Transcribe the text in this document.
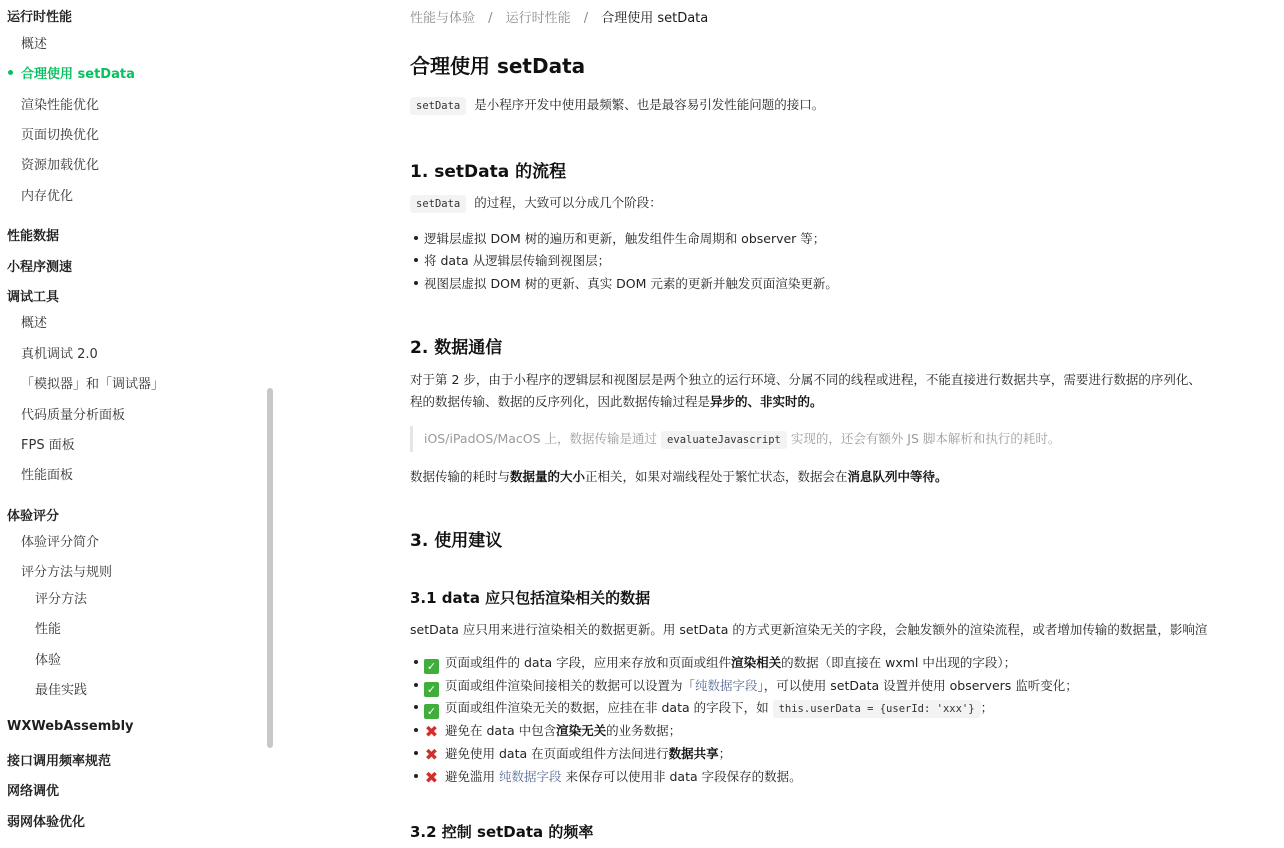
运行时性能
概述
合理使用 setData
渲染性能优化
页面切换优化
资源加载优化
内存优化
性能数据
小程序测速
调试工具
概述
真机调试 2.0
「模拟器」和「调试器」
代码质量分析面板
FPS 面板
性能面板
体验评分
体验评分简介
评分方法与规则
评分方法
性能
体验
最佳实践
WXWebAssembly
接口调用频率规范
网络调优
弱网体验优化
性能与体验 / 运行时性能 / 合理使用 setData
合理使用 setData
setData 是小程序开发中使用最频繁、也是最容易引发性能问题的接口。
1. setData 的流程
setData 的过程，大致可以分成几个阶段：
逻辑层虚拟 DOM 树的遍历和更新，触发组件生命周期和 observer 等；
将 data 从逻辑层传输到视图层；
视图层虚拟 DOM 树的更新、真实 DOM 元素的更新并触发页面渲染更新。
2. 数据通信
对于第 2 步，由于小程序的逻辑层和视图层是两个独立的运行环境、分属不同的线程或进程，不能直接进行数据共享，需要进行数据的序列化、
程的数据传输、数据的反序列化，因此数据传输过程是异步的、非实时的。
iOS/iPadOS/MacOS 上，数据传输是通过 evaluateJavascript 实现的，还会有额外 JS 脚本解析和执行的耗时。
数据传输的耗时与数据量的大小正相关，如果对端线程处于繁忙状态，数据会在消息队列中等待。
3. 使用建议
3.1 data 应只包括渲染相关的数据
setData 应只用来进行渲染相关的数据更新。用 setData 的方式更新渲染无关的字段，会触发额外的渲染流程，或者增加传输的数据量，影响渲
✓ 页面或组件的 data 字段，应用来存放和页面或组件渲染相关的数据（即直接在 wxml 中出现的字段）；
✓ 页面或组件渲染间接相关的数据可以设置为「纯数据字段」，可以使用 setData 设置并使用 observers 监听变化；
✓ 页面或组件渲染无关的数据，应挂在非 data 的字段下，如 this.userData = {userId: 'xxx'} ；
✖ 避免在 data 中包含渲染无关的业务数据；
✖ 避免使用 data 在页面或组件方法间进行数据共享；
✖ 避免滥用 纯数据字段 来保存可以使用非 data 字段保存的数据。
3.2 控制 setData 的频率
